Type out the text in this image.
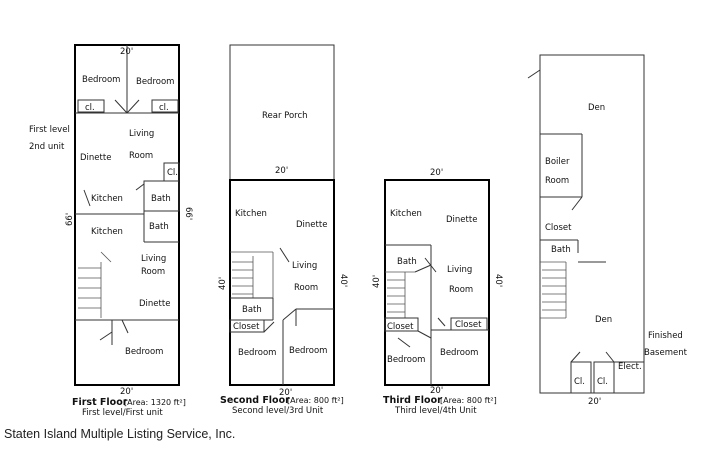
20'
20'
66'	66'
Bedroom Bedroom
cl.	cl.
Living
Room
Dinette
Cl.
Kitchen	Bath
Kitchen	Bath
Living
Room
Dinette
Bedroom
First level
2nd unit
First Floor
[Area: 1320 ft²]
First level/First unit
Rear Porch
20'
20'
40'	40'
Kitchen
Dinette
Living
Room
Bath
Closet
Bedroom Bedroom
Second Floor
[Area: 800 ft²]
Second level/3rd Unit
20'
20'
40'	40'
Kitchen
Dinette
Bath
Living
Room
Closet	Closet
Bedroom
Bedroom
Third Floor
[Area: 800 ft²]
Third level/4th Unit
20'
Den
Boiler
Room
Closet
Bath
Den
Cl. Cl.
Elect.
Finished
Basement
Staten Island Multiple Listing Service, Inc.
